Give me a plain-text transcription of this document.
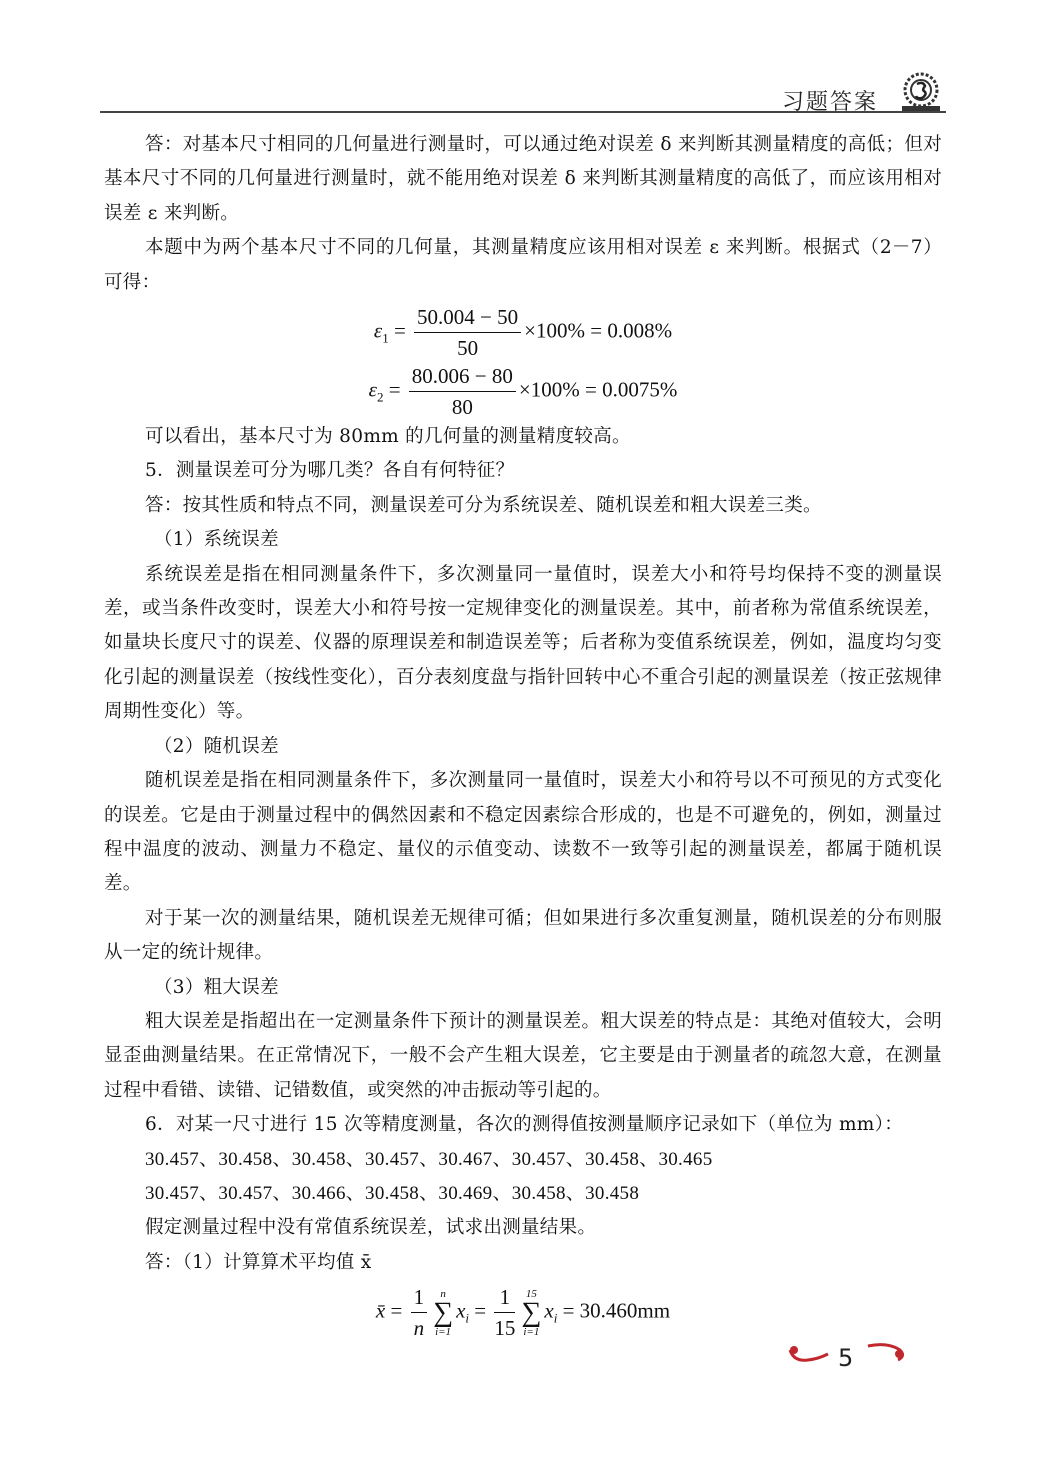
习题答案

答：对基本尺寸相同的几何量进行测量时，可以通过绝对误差 δ 来判断其测量精度的高低；但对基本尺寸不同的几何量进行测量时，就不能用绝对误差 δ 来判断其测量精度的高低了，而应该用相对误差 ε 来判断。

本题中为两个基本尺寸不同的几何量，其测量精度应该用相对误差 ε 来判断。根据式（2－7）可得：

$\varepsilon_1 = \frac{50.004 - 50}{50} \times 100\% = 0.008\%$
$\varepsilon_2 = \frac{80.006 - 80}{80} \times 100\% = 0.0075\%$

可以看出，基本尺寸为 80mm 的几何量的测量精度较高。

5．测量误差可分为哪几类？各自有何特征？

答：按其性质和特点不同，测量误差可分为系统误差、随机误差和粗大误差三类。

（1）系统误差

系统误差是指在相同测量条件下，多次测量同一量值时，误差大小和符号均保持不变的测量误差，或当条件改变时，误差大小和符号按一定规律变化的测量误差。其中，前者称为常值系统误差，如量块长度尺寸的误差、仪器的原理误差和制造误差等；后者称为变值系统误差，例如，温度均匀变化引起的测量误差（按线性变化），百分表刻度盘与指针回转中心不重合引起的测量误差（按正弦规律周期性变化）等。

（2）随机误差

随机误差是指在相同测量条件下，多次测量同一量值时，误差大小和符号以不可预见的方式变化的误差。它是由于测量过程中的偶然因素和不稳定因素综合形成的，也是不可避免的，例如，测量过程中温度的波动、测量力不稳定、量仪的示值变动、读数不一致等引起的测量误差，都属于随机误差。

对于某一次的测量结果，随机误差无规律可循；但如果进行多次重复测量，随机误差的分布则服从一定的统计规律。

（3）粗大误差

粗大误差是指超出在一定测量条件下预计的测量误差。粗大误差的特点是：其绝对值较大，会明显歪曲测量结果。在正常情况下，一般不会产生粗大误差，它主要是由于测量者的疏忽大意，在测量过程中看错、读错、记错数值，或突然的冲击振动等引起的。

6．对某一尺寸进行 15 次等精度测量，各次的测得值按测量顺序记录如下（单位为 mm）：

30.457、30.458、30.458、30.457、30.467、30.457、30.458、30.465

30.457、30.457、30.466、30.458、30.469、30.458、30.458

假定测量过程中没有常值系统误差，试求出测量结果。

答：（1）计算算术平均值 x̄

x̄ = $\frac{1}{n}$	n
∑
i=1
$x_i = \frac{1}{15} 15$
∑
i=1
$x_i = 30.460mm$
5
